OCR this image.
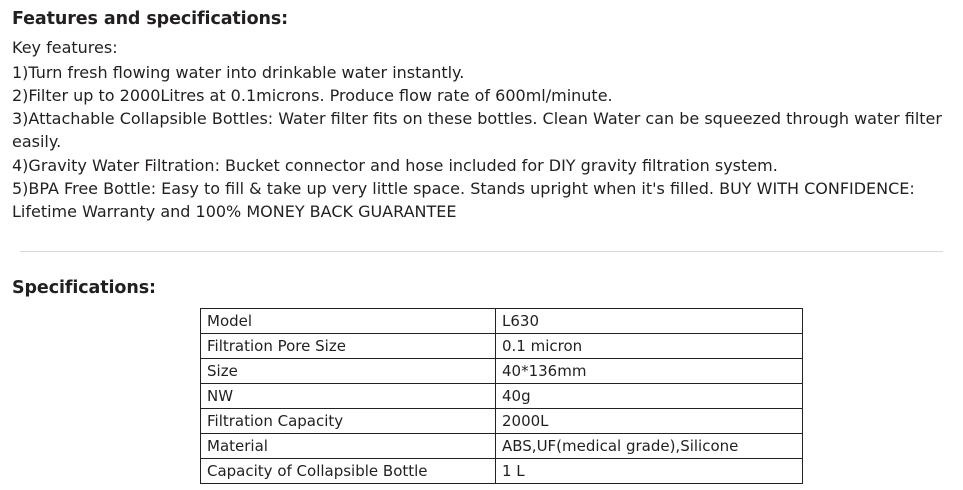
Features and specifications:

Key features:

1)Turn fresh flowing water into drinkable water instantly.
2)Filter up to 2000Litres at 0.1microns. Produce flow rate of 600ml/minute.
3)Attachable Collapsible Bottles: Water filter fits on these bottles. Clean Water can be squeezed through water filter easily.
4)Gravity Water Filtration: Bucket connector and hose included for DIY gravity filtration system.
5)BPA Free Bottle: Easy to fill & take up very little space. Stands upright when it's filled. BUY WITH CONFIDENCE: Lifetime Warranty and 100% MONEY BACK GUARANTEE
Specifications:
Model	L630
Filtration Pore Size	0.1 micron
Size	40*136mm
NW	40g
Filtration Capacity	2000L
Material	ABS,UF(medical grade),Silicone
Capacity of Collapsible Bottle	1 L
